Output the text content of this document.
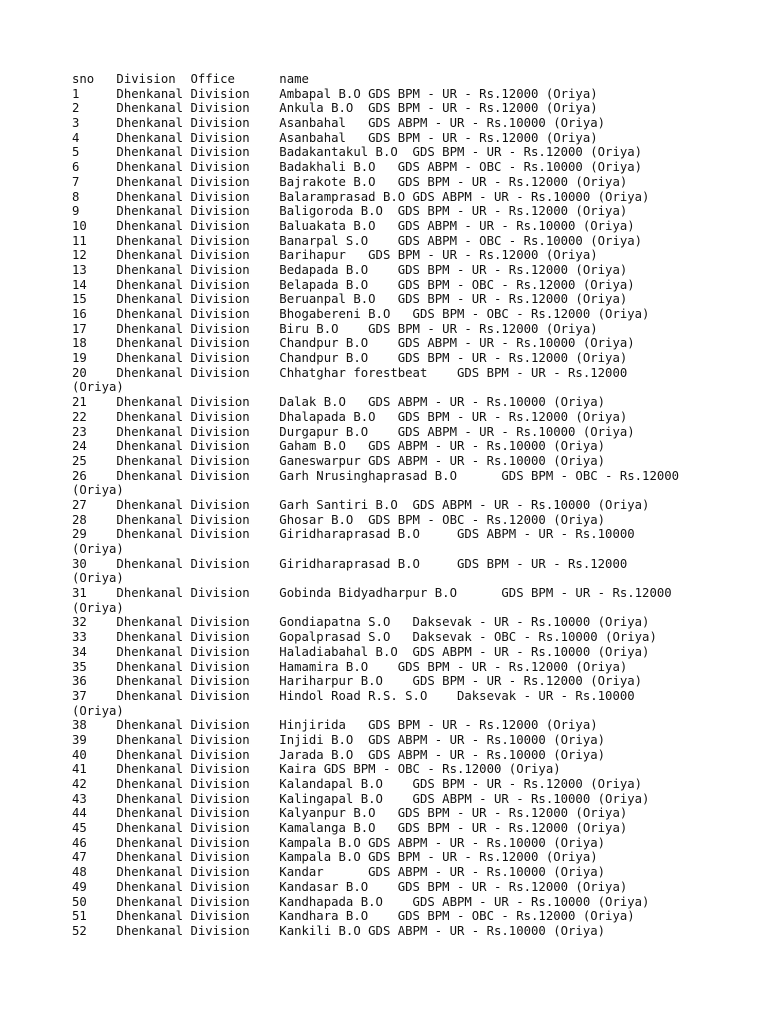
sno   Division  Office      name
1     Dhenkanal Division    Ambapal B.O GDS BPM - UR - Rs.12000 (Oriya)
2     Dhenkanal Division    Ankula B.O  GDS BPM - UR - Rs.12000 (Oriya)
3     Dhenkanal Division    Asanbahal   GDS ABPM - UR - Rs.10000 (Oriya)
4     Dhenkanal Division    Asanbahal   GDS BPM - UR - Rs.12000 (Oriya)
5     Dhenkanal Division    Badakantakul B.O  GDS BPM - UR - Rs.12000 (Oriya)
6     Dhenkanal Division    Badakhali B.O   GDS ABPM - OBC - Rs.10000 (Oriya)
7     Dhenkanal Division    Bajrakote B.O   GDS BPM - UR - Rs.12000 (Oriya)
8     Dhenkanal Division    Balaramprasad B.O GDS ABPM - UR - Rs.10000 (Oriya)
9     Dhenkanal Division    Baligoroda B.O  GDS BPM - UR - Rs.12000 (Oriya)
10    Dhenkanal Division    Baluakata B.O   GDS ABPM - UR - Rs.10000 (Oriya)
11    Dhenkanal Division    Banarpal S.O    GDS ABPM - OBC - Rs.10000 (Oriya)
12    Dhenkanal Division    Barihapur   GDS BPM - UR - Rs.12000 (Oriya)
13    Dhenkanal Division    Bedapada B.O    GDS BPM - UR - Rs.12000 (Oriya)
14    Dhenkanal Division    Belapada B.O    GDS BPM - OBC - Rs.12000 (Oriya)
15    Dhenkanal Division    Beruanpal B.O   GDS BPM - UR - Rs.12000 (Oriya)
16    Dhenkanal Division    Bhogabereni B.O   GDS BPM - OBC - Rs.12000 (Oriya)
17    Dhenkanal Division    Biru B.O    GDS BPM - UR - Rs.12000 (Oriya)
18    Dhenkanal Division    Chandpur B.O    GDS ABPM - UR - Rs.10000 (Oriya)
19    Dhenkanal Division    Chandpur B.O    GDS BPM - UR - Rs.12000 (Oriya)
20    Dhenkanal Division    Chhatghar forestbeat    GDS BPM - UR - Rs.12000
(Oriya)
21    Dhenkanal Division    Dalak B.O   GDS ABPM - UR - Rs.10000 (Oriya)
22    Dhenkanal Division    Dhalapada B.O   GDS BPM - UR - Rs.12000 (Oriya)
23    Dhenkanal Division    Durgapur B.O    GDS ABPM - UR - Rs.10000 (Oriya)
24    Dhenkanal Division    Gaham B.O   GDS ABPM - UR - Rs.10000 (Oriya)
25    Dhenkanal Division    Ganeswarpur GDS ABPM - UR - Rs.10000 (Oriya)
26    Dhenkanal Division    Garh Nrusinghaprasad B.O      GDS BPM - OBC - Rs.12000
(Oriya)
27    Dhenkanal Division    Garh Santiri B.O  GDS ABPM - UR - Rs.10000 (Oriya)
28    Dhenkanal Division    Ghosar B.O  GDS BPM - OBC - Rs.12000 (Oriya)
29    Dhenkanal Division    Giridharaprasad B.O     GDS ABPM - UR - Rs.10000
(Oriya)
30    Dhenkanal Division    Giridharaprasad B.O     GDS BPM - UR - Rs.12000
(Oriya)
31    Dhenkanal Division    Gobinda Bidyadharpur B.O      GDS BPM - UR - Rs.12000
(Oriya)
32    Dhenkanal Division    Gondiapatna S.O   Daksevak - UR - Rs.10000 (Oriya)
33    Dhenkanal Division    Gopalprasad S.O   Daksevak - OBC - Rs.10000 (Oriya)
34    Dhenkanal Division    Haladiabahal B.O  GDS ABPM - UR - Rs.10000 (Oriya)
35    Dhenkanal Division    Hamamira B.O    GDS BPM - UR - Rs.12000 (Oriya)
36    Dhenkanal Division    Hariharpur B.O    GDS BPM - UR - Rs.12000 (Oriya)
37    Dhenkanal Division    Hindol Road R.S. S.O    Daksevak - UR - Rs.10000
(Oriya)
38    Dhenkanal Division    Hinjirida   GDS BPM - UR - Rs.12000 (Oriya)
39    Dhenkanal Division    Injidi B.O  GDS ABPM - UR - Rs.10000 (Oriya)
40    Dhenkanal Division    Jarada B.O  GDS ABPM - UR - Rs.10000 (Oriya)
41    Dhenkanal Division    Kaira GDS BPM - OBC - Rs.12000 (Oriya)
42    Dhenkanal Division    Kalandapal B.O    GDS BPM - UR - Rs.12000 (Oriya)
43    Dhenkanal Division    Kalingapal B.O    GDS ABPM - UR - Rs.10000 (Oriya)
44    Dhenkanal Division    Kalyanpur B.O   GDS BPM - UR - Rs.12000 (Oriya)
45    Dhenkanal Division    Kamalanga B.O   GDS BPM - UR - Rs.12000 (Oriya)
46    Dhenkanal Division    Kampala B.O GDS ABPM - UR - Rs.10000 (Oriya)
47    Dhenkanal Division    Kampala B.O GDS BPM - UR - Rs.12000 (Oriya)
48    Dhenkanal Division    Kandar      GDS ABPM - UR - Rs.10000 (Oriya)
49    Dhenkanal Division    Kandasar B.O    GDS BPM - UR - Rs.12000 (Oriya)
50    Dhenkanal Division    Kandhapada B.O    GDS ABPM - UR - Rs.10000 (Oriya)
51    Dhenkanal Division    Kandhara B.O    GDS BPM - OBC - Rs.12000 (Oriya)
52    Dhenkanal Division    Kankili B.O GDS ABPM - UR - Rs.10000 (Oriya)
